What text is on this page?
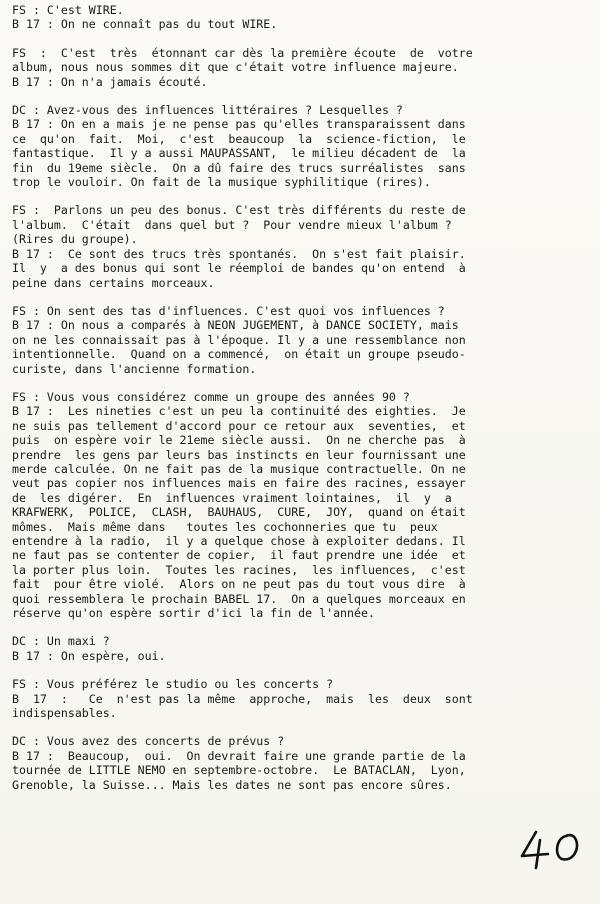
FS : C'est WIRE.
B 17 : On ne connaît pas du tout WIRE.
FS  :  C'est  très  étonnant car dès la première écoute  de  votre
album, nous nous sommes dit que c'était votre influence majeure.
B 17 : On n'a jamais écouté.
DC : Avez-vous des influences littéraires ? Lesquelles ?
B 17 : On en a mais je ne pense pas qu'elles transparaissent dans
ce  qu'on  fait.  Moi,  c'est  beaucoup  la  science-fiction,  le
fantastique.  Il y a aussi MAUPASSANT,  le milieu décadent de  la
fin  du 19eme siècle.  On a dû faire des trucs surréalistes  sans
trop le vouloir. On fait de la musique syphilitique (rires).
FS :  Parlons un peu des bonus. C'est très différents du reste de
l'album.  C'était  dans quel but ?  Pour vendre mieux l'album ?
(Rires du groupe).
B 17 :  Ce sont des trucs très spontanés.  On s'est fait plaisir.
Il  y  a des bonus qui sont le réemploi de bandes qu'on entend  à
peine dans certains morceaux.
FS : On sent des tas d'influences. C'est quoi vos influences ?
B 17 : On nous a comparés à NEON JUGEMENT, à DANCE SOCIETY, mais
on ne les connaissait pas à l'époque. Il y a une ressemblance non
intentionnelle.  Quand on a commencé,  on était un groupe pseudo-
curiste, dans l'ancienne formation.
FS : Vous vous considérez comme un groupe des années 90 ?
B 17 :  Les nineties c'est un peu la continuité des eighties.  Je
ne suis pas tellement d'accord pour ce retour aux  seventies,  et
puis  on espère voir le 21eme siècle aussi.  On ne cherche pas  à
prendre  les gens par leurs bas instincts en leur fournissant une
merde calculée. On ne fait pas de la musique contractuelle. On ne
veut pas copier nos influences mais en faire des racines, essayer
de  les digérer.  En  influences vraiment lointaines,  il  y  a
KRAFWERK,  POLICE,  CLASH,  BAUHAUS,  CURE,  JOY,  quand on était
mômes.  Mais même dans   toutes les cochonneries que tu  peux
entendre à la radio,  il y a quelque chose à exploiter dedans. Il
ne faut pas se contenter de copier,  il faut prendre une idée  et
la porter plus loin.  Toutes les racines,  les influences,  c'est
fait  pour être violé.  Alors on ne peut pas du tout vous dire  à
quoi ressemblera le prochain BABEL 17.  On a quelques morceaux en
réserve qu'on espère sortir d'ici la fin de l'année.
DC : Un maxi ?
B 17 : On espère, oui.
FS : Vous préférez le studio ou les concerts ?
B  17  :   Ce  n'est pas la même  approche,  mais  les  deux  sont
indispensables.
DC : Vous avez des concerts de prévus ?
B 17 :  Beaucoup,  oui.  On devrait faire une grande partie de la
tournée de LITTLE NEMO en septembre-octobre.  Le BATACLAN,  Lyon,
Grenoble, la Suisse... Mais les dates ne sont pas encore sûres.
